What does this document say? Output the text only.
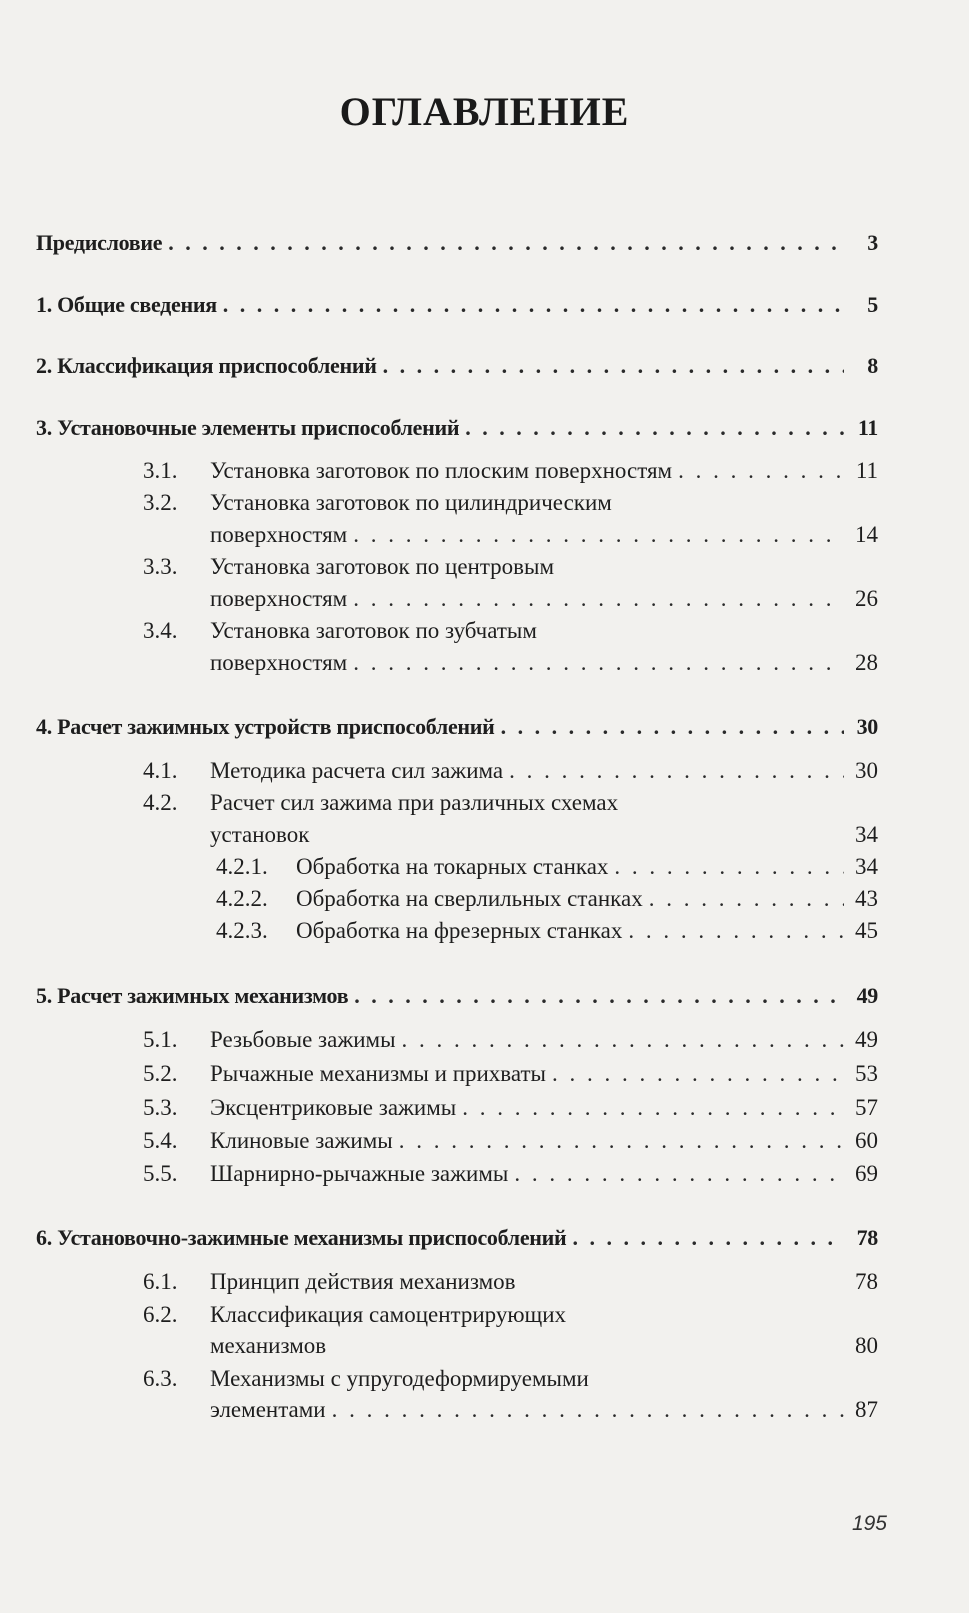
ОГЛАВЛЕНИЕ
Предисловие . . .	3
1. Общие сведения . . .	5
2. Классификация приспособлений . . .	8
3. Установочные элементы приспособлений . . .	11
3.1. Установка заготовок по плоским поверхностям . . .	11
3.2. Установка заготовок по цилиндрическим
поверхностям . . .	14
3.3. Установка заготовок по центровым
поверхностям . . .	26
3.4. Установка заготовок по зубчатым
поверхностям . . .	28
4. Расчет зажимных устройств приспособлений . . .	30
4.1. Методика расчета сил зажима . . .	30
4.2. Расчет сил зажима при различных схемах
установок	34
4.2.1. Обработка на токарных станках . . .	34
4.2.2. Обработка на сверлильных станках . . .	43
4.2.3. Обработка на фрезерных станках . . .	45
5. Расчет зажимных механизмов . . .	49
5.1. Резьбовые зажимы . . .	49
5.2. Рычажные механизмы и прихваты . . .	53
5.3. Эксцентриковые зажимы . . .	57
5.4. Клиновые зажимы . . .	60
5.5. Шарнирно-рычажные зажимы . . .	69
6. Установочно-зажимные механизмы приспособлений . . .	78
6.1. Принцип действия механизмов	78
6.2. Классификация самоцентрирующих
механизмов	80
6.3. Механизмы с упругодеформируемыми
элементами . . .	87
195
